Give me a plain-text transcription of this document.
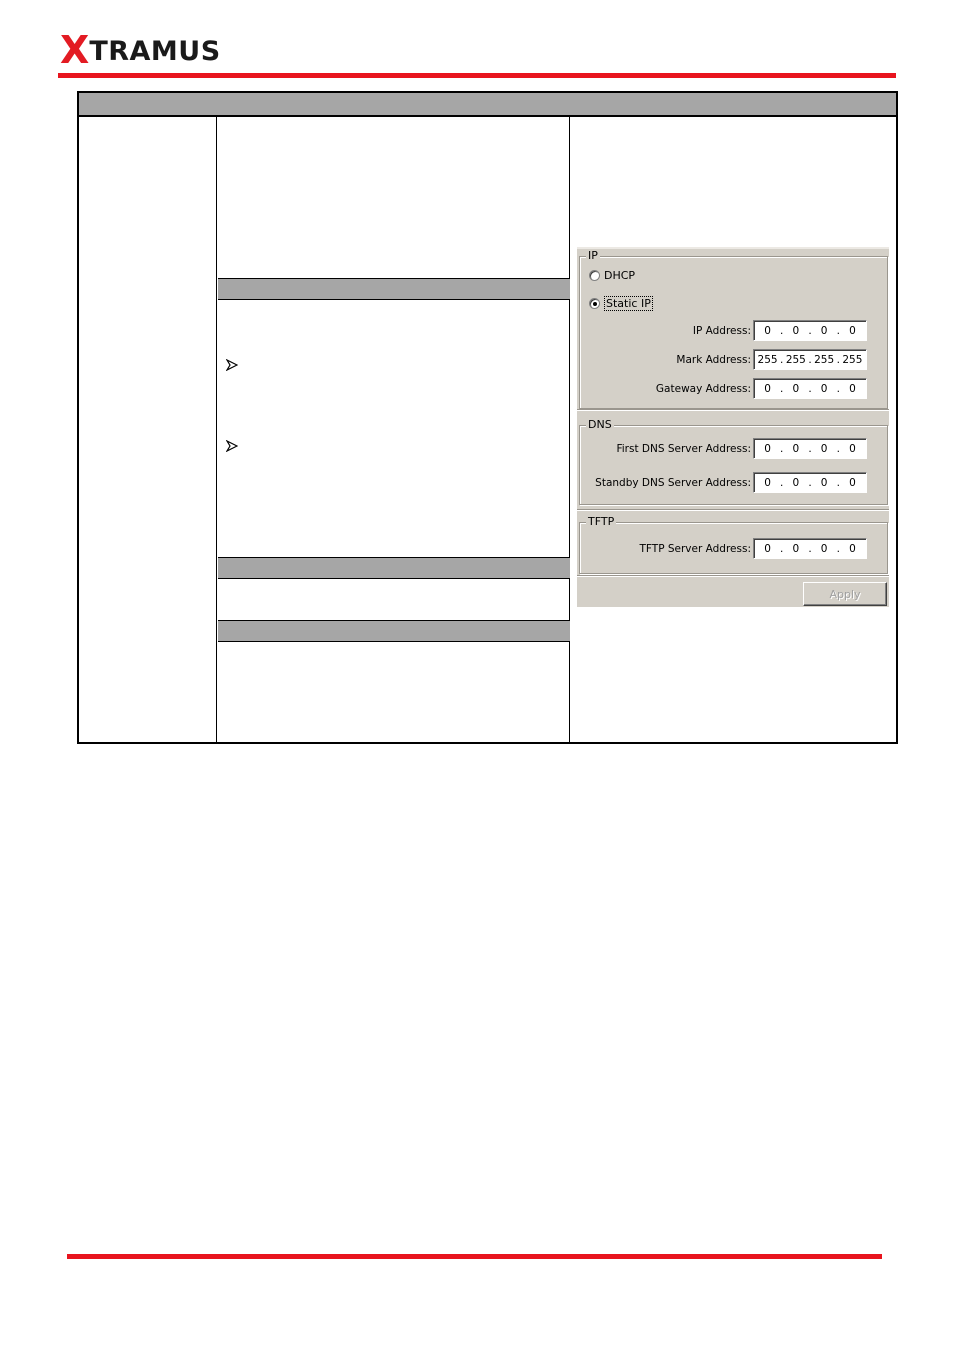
X TRAMUS
IP
DHCP
Static IP
IP Address:	0 . 0 . 0 . 0
Mark Address: 255 . 255 . 255 . 255
Gateway Address:	0 . 0 . 0 . 0
DNS
First DNS Server Address:	0 . 0 . 0 . 0
Standby DNS Server Address:	0 . 0 . 0 . 0
TFTP
TFTP Server Address:	0 . 0 . 0 . 0
Apply
